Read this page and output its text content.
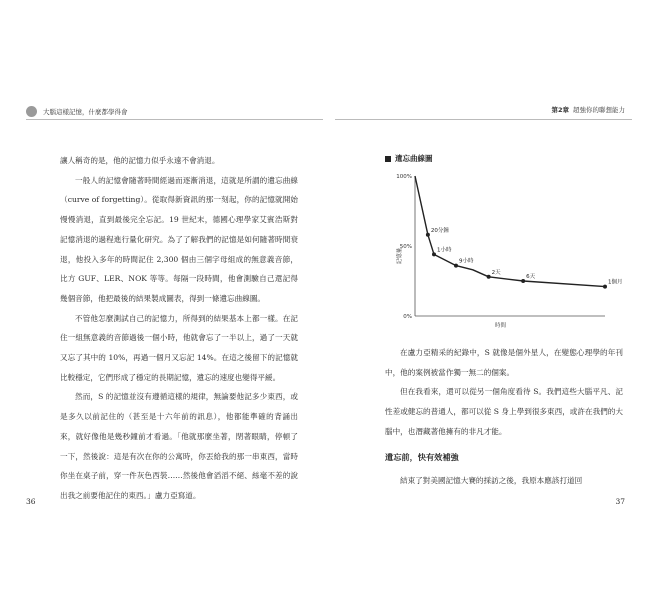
大腦這樣記憶，什麼都學得會	第2章 超強你的聯想能力

讓人稱奇的是，他的記憶力似乎永遠不會消退。

一般人的記憶會隨著時間經過而逐漸消退，這就是所謂的遺忘曲線（curve of forgetting）。從取得新資訊的那一刻起，你的記憶就開始慢慢消退，直到最後完全忘記。19 世紀末，德國心理學家艾賓浩斯對記憶消退的過程進行量化研究。為了了解我們的記憶是如何隨著時間衰退，他投入多年的時間記住 2,300 個由三個字母組成的無意義音節，比方 GUF、LER、NOK 等等。每隔一段時間，他會測驗自己還記得幾個音節，他把最後的結果製成圖表，得到一條遺忘曲線圖。

不管他怎麼測試自己的記憶力，所得到的結果基本上都一樣。在記住一組無意義的音節過後一個小時，他就會忘了一半以上，過了一天就又忘了其中的 10%，再過一個月又忘記 14%。在這之後留下的記憶就比較穩定，它們形成了穩定的長期記憶，遺忘的速度也變得平緩。

然而，S 的記憶並沒有遵循這樣的規律，無論要他記多少東西，或是多久以前記住的（甚至是十六年前的訊息），他都能準確的背誦出來，就好像他是幾秒鐘前才看過。「他就那麼坐著，閉著眼睛，停頓了一下，然後說：這是有次在你的公寓時，你丟給我的那一串東西，當時你坐在桌子前，穿一件灰色西裝……然後他會滔滔不絕、絲毫不差的說出我之前要他記住的東西。」盧力亞寫道。

遺忘曲線圖
0%
50%
100%
記憶量
時間
20分鐘
1小時
9小時
2天
6天
1個月

在盧力亞精采的紀錄中，S 就像是個外星人，在變態心理學的年刊中，他的案例被當作獨一無二的個案。

但在我看來，還可以從另一個角度看待 S。我們這些大腦平凡、記性差或健忘的普通人，都可以從 S 身上學到很多東西，或許在我們的大腦中，也潛藏著他擁有的非凡才能。

遺忘前，快有效補強

結束了對美國記憶大賽的採訪之後，我原本應該打道回

36	37
